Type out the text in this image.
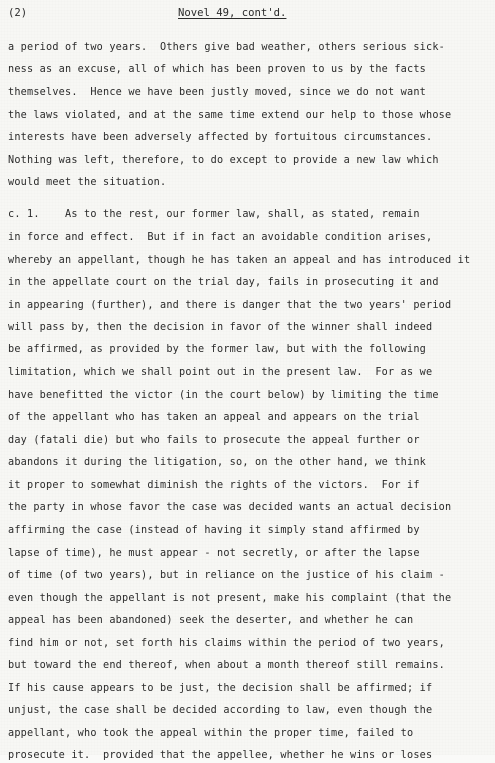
(2)	Novel 49, cont'd.

a period of two years.  Others give bad weather, others serious sick-

ness as an excuse, all of which has been proven to us by the facts

themselves.  Hence we have been justly moved, since we do not want

the laws violated, and at the same time extend our help to those whose

interests have been adversely affected by fortuitous circumstances.

Nothing was left, therefore, to do except to provide a new law which

would meet the situation.

c. 1.    As to the rest, our former law, shall, as stated, remain

in force and effect.  But if in fact an avoidable condition arises,

whereby an appellant, though he has taken an appeal and has introduced it

in the appellate court on the trial day, fails in prosecuting it and

in appearing (further), and there is danger that the two years' period

will pass by, then the decision in favor of the winner shall indeed

be affirmed, as provided by the former law, but with the following

limitation, which we shall point out in the present law.  For as we

have benefitted the victor (in the court below) by limiting the time

of the appellant who has taken an appeal and appears on the trial

day (fatali die) but who fails to prosecute the appeal further or

abandons it during the litigation, so, on the other hand, we think

it proper to somewhat diminish the rights of the victors.  For if

the party in whose favor the case was decided wants an actual decision

affirming the case (instead of having it simply stand affirmed by

lapse of time), he must appear - not secretly, or after the lapse

of time (of two years), but in reliance on the justice of his claim -

even though the appellant is not present, make his complaint (that the

appeal has been abandoned) seek the deserter, and whether he can

find him or not, set forth his claims within the period of two years,

but toward the end thereof, when about a month thereof still remains.

If his cause appears to be just, the decision shall be affirmed; if

unjust, the case shall be decided according to law, even though the

appellant, who took the appeal within the proper time, failed to

prosecute it.  provided that the appellee, whether he wins or loses
